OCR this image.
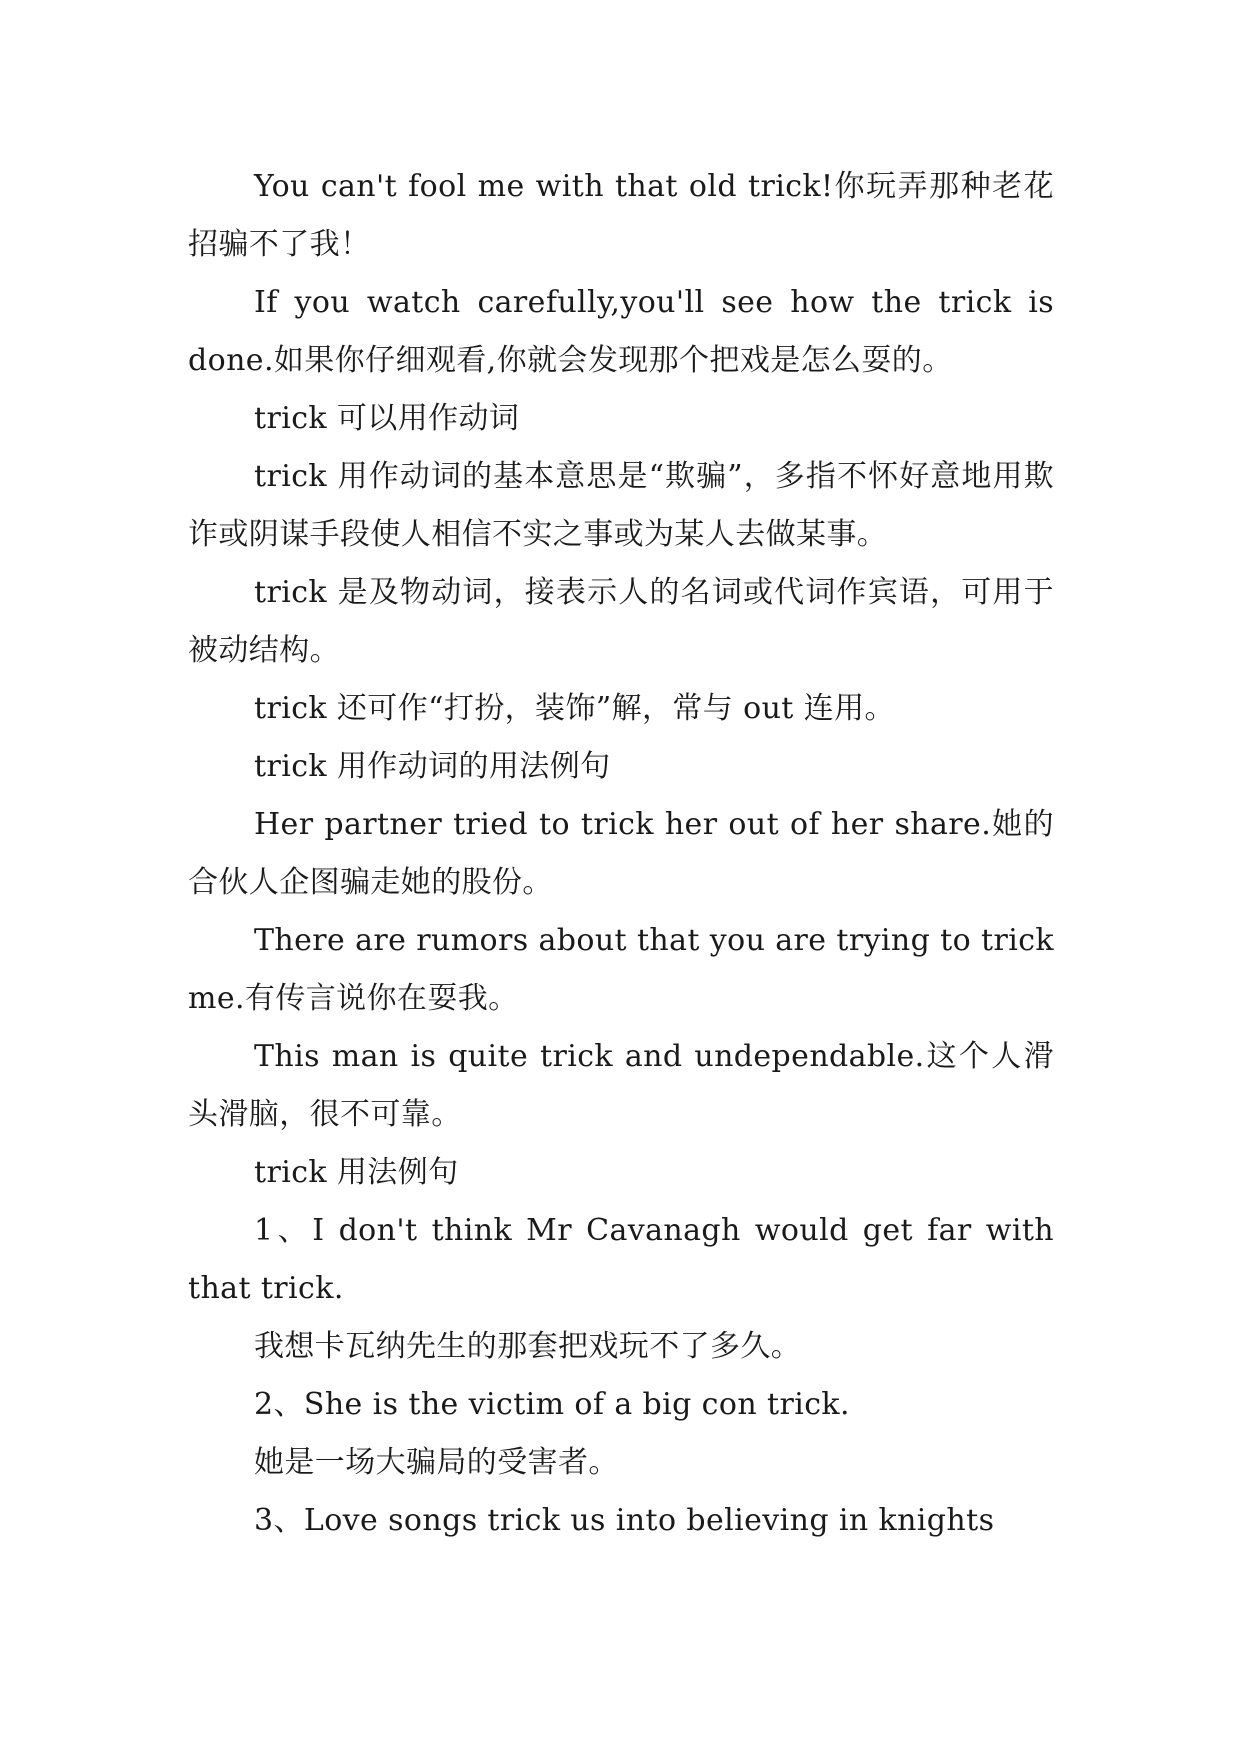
You can't fool me with that old trick!你玩弄那种老花招骗不了我！

If you watch carefully,you'll see how the trick is done.如果你仔细观看,你就会发现那个把戏是怎么耍的。

trick 可以用作动词

trick 用作动词的基本意思是“欺骗”，多指不怀好意地用欺诈或阴谋手段使人相信不实之事或为某人去做某事。

trick 是及物动词，接表示人的名词或代词作宾语，可用于被动结构。

trick 还可作“打扮，装饰”解，常与 out 连用。

trick 用作动词的用法例句

Her partner tried to trick her out of her share.她的合伙人企图骗走她的股份。

There are rumors about that you are trying to trick me.有传言说你在耍我。

This man is quite trick and undependable.这个人滑头滑脑，很不可靠。

trick 用法例句

1、I don't think Mr Cavanagh would get far with that trick.

我想卡瓦纳先生的那套把戏玩不了多久。

2、She is the victim of a big con trick.

她是一场大骗局的受害者。

3、Love songs trick us into believing in knights
